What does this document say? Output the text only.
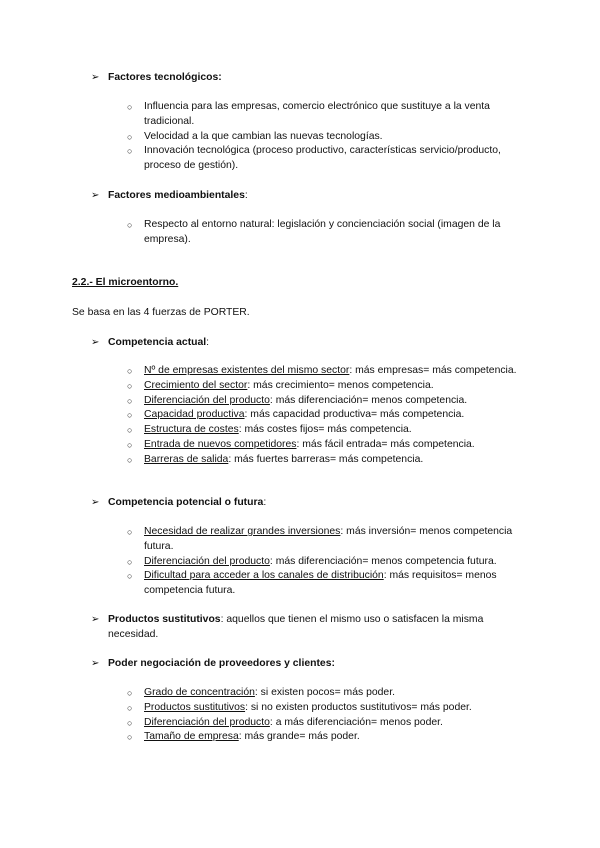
➢ Factores tecnológicos:
○ Influencia para las empresas, comercio electrónico que sustituye a la venta tradicional.
○ Velocidad a la que cambian las nuevas tecnologías.
○ Innovación tecnológica (proceso productivo, características servicio/producto, proceso de gestión).
➢ Factores medioambientales:
○ Respecto al entorno natural: legislación y concienciación social (imagen de la empresa).
2.2.- El microentorno.
Se basa en las 4 fuerzas de PORTER.
➢ Competencia actual:
○ Nº de empresas existentes del mismo sector: más empresas= más competencia.
○ Crecimiento del sector: más crecimiento= menos competencia.
○ Diferenciación del producto: más diferenciación= menos competencia.
○ Capacidad productiva: más capacidad productiva= más competencia.
○ Estructura de costes: más costes fijos= más competencia.
○ Entrada de nuevos competidores: más fácil entrada= más competencia.
○ Barreras de salida: más fuertes barreras= más competencia.
➢ Competencia potencial o futura:
○ Necesidad de realizar grandes inversiones: más inversión= menos competencia futura.
○ Diferenciación del producto: más diferenciación= menos competencia futura.
○ Dificultad para acceder a los canales de distribución: más requisitos= menos competencia futura.
➢ Productos sustitutivos: aquellos que tienen el mismo uso o satisfacen la misma necesidad.
➢ Poder negociación de proveedores y clientes:
○ Grado de concentración: si existen pocos= más poder.
○ Productos sustitutivos: si no existen productos sustitutivos= más poder.
○ Diferenciación del producto: a más diferenciación= menos poder.
○ Tamaño de empresa: más grande= más poder.
